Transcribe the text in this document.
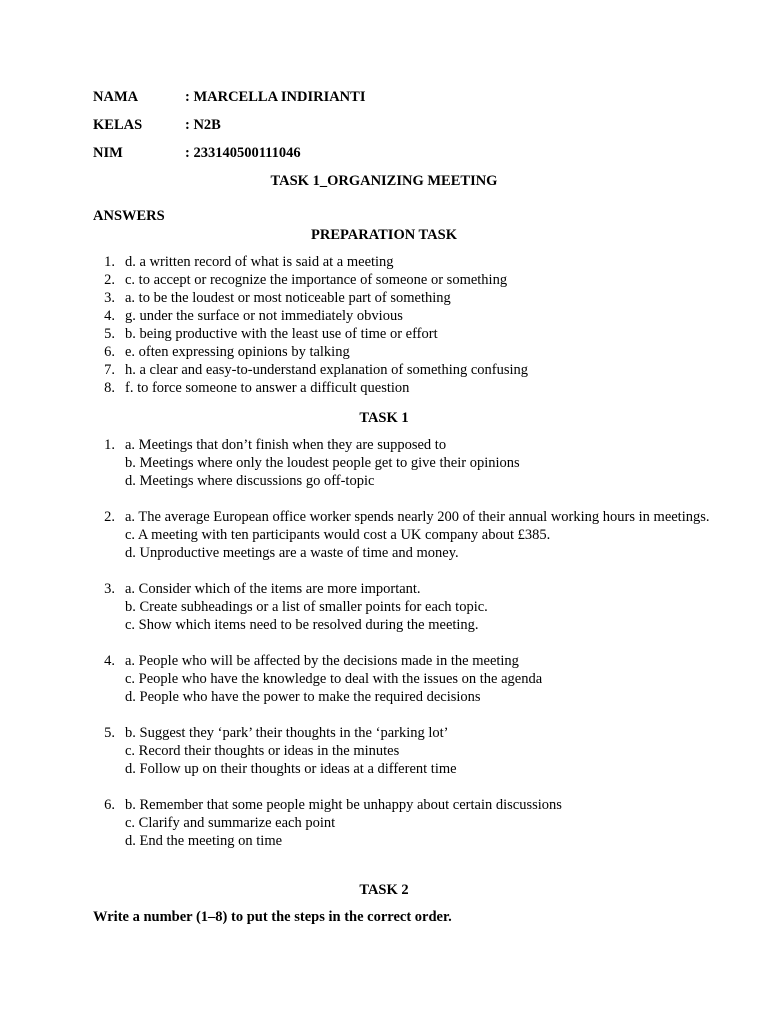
NAMA	: MARCELLA INDIRIANTI
KELAS	: N2B
NIM	: 233140500111046
TASK 1_ORGANIZING MEETING
ANSWERS
PREPARATION TASK
1. d. a written record of what is said at a meeting
2. c. to accept or recognize the importance of someone or something
3. a. to be the loudest or most noticeable part of something
4. g. under the surface or not immediately obvious
5. b. being productive with the least use of time or effort
6. e. often expressing opinions by talking
7. h. a clear and easy-to-understand explanation of something confusing
8. f. to force someone to answer a difficult question
TASK 1
1. a. Meetings that don’t finish when they are supposed to
b. Meetings where only the loudest people get to give their opinions
d. Meetings where discussions go off-topic
2. a. The average European office worker spends nearly 200 of their annual working hours in meetings.
c. A meeting with ten participants would cost a UK company about £385.
d. Unproductive meetings are a waste of time and money.
3. a. Consider which of the items are more important.
b. Create subheadings or a list of smaller points for each topic.
c. Show which items need to be resolved during the meeting.
4. a. People who will be affected by the decisions made in the meeting
c. People who have the knowledge to deal with the issues on the agenda
d. People who have the power to make the required decisions
5. b. Suggest they ‘park’ their thoughts in the ‘parking lot’
c. Record their thoughts or ideas in the minutes
d. Follow up on their thoughts or ideas at a different time
6. b. Remember that some people might be unhappy about certain discussions
c. Clarify and summarize each point
d. End the meeting on time
TASK 2
Write a number (1–8) to put the steps in the correct order.
